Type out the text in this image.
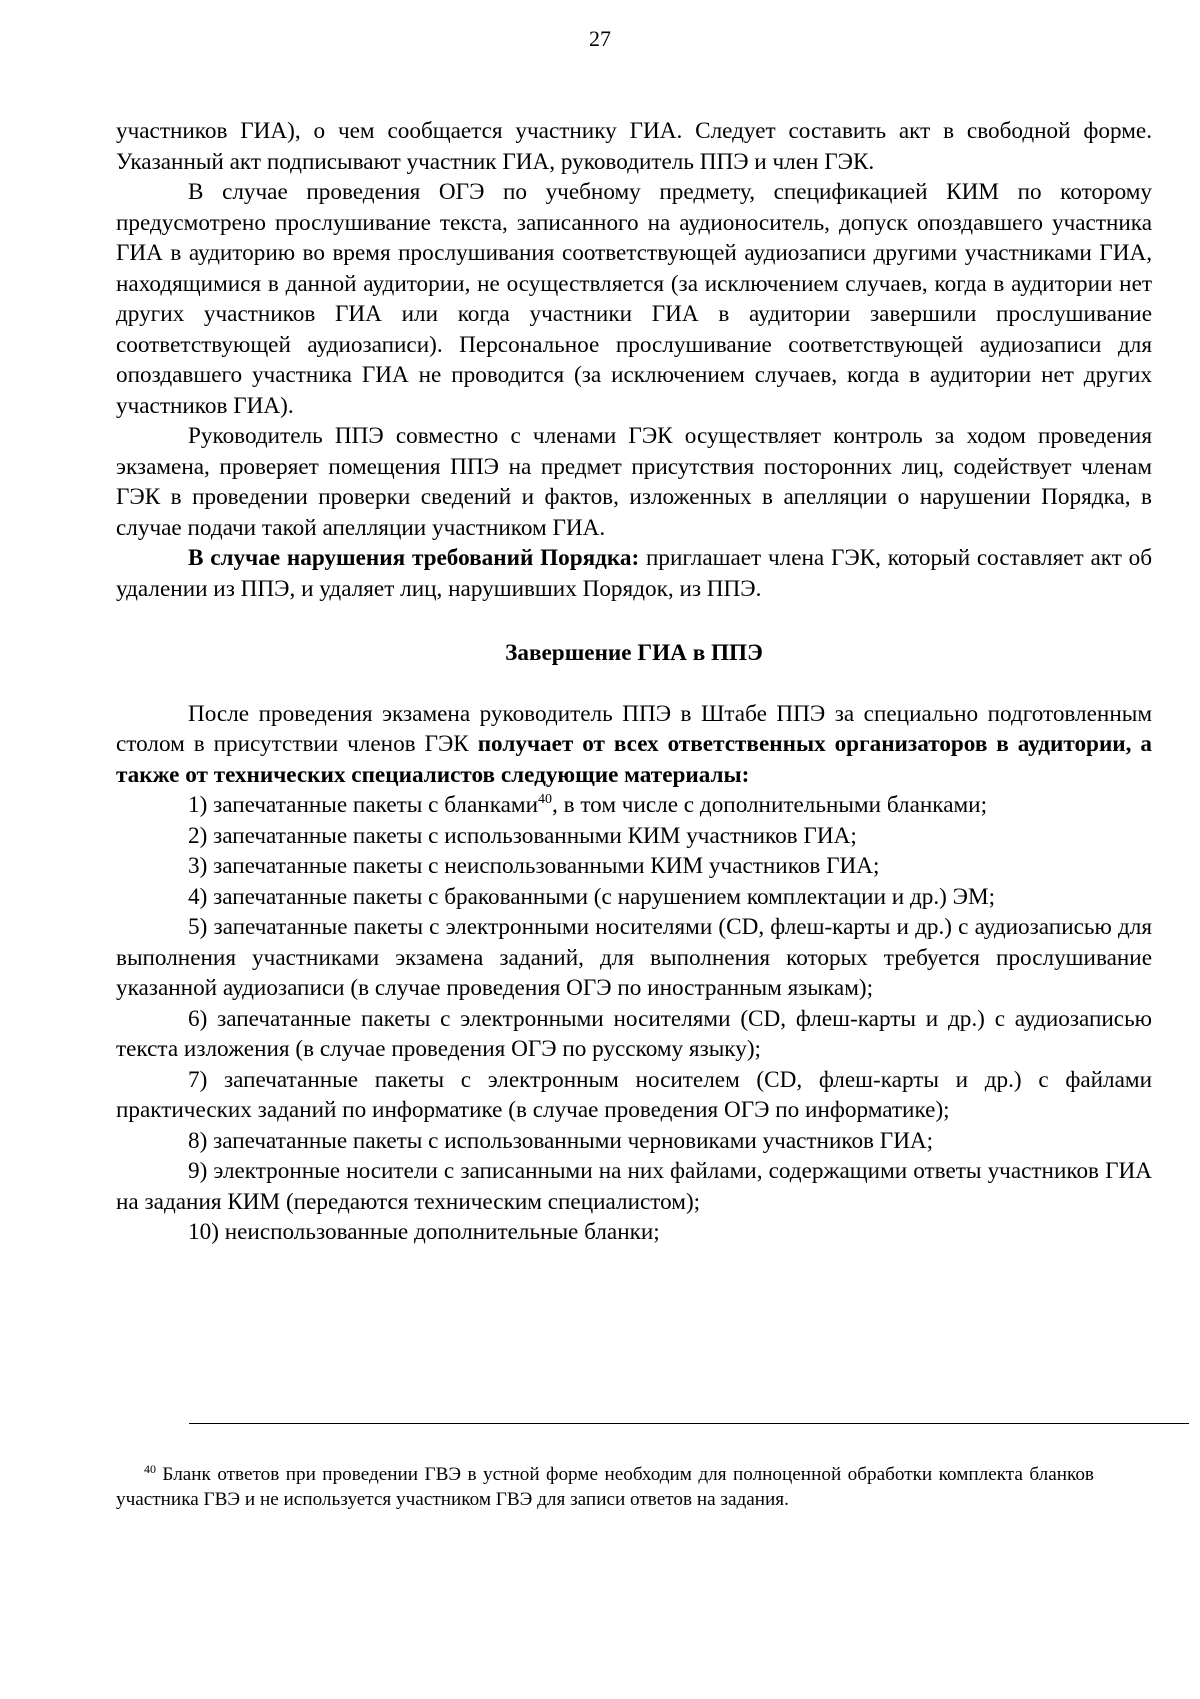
27

участников ГИА), о чем сообщается участнику ГИА. Следует составить акт в свободной форме. Указанный акт подписывают участник ГИА, руководитель ППЭ и член ГЭК.

В случае проведения ОГЭ по учебному предмету, спецификацией КИМ по которому предусмотрено прослушивание текста, записанного на аудионоситель, допуск опоздавшего участника ГИА в аудиторию во время прослушивания соответствующей аудиозаписи другими участниками ГИА, находящимися в данной аудитории, не осуществляется (за исключением случаев, когда в аудитории нет других участников ГИА или когда участники ГИА в аудитории завершили прослушивание соответствующей аудиозаписи). Персональное прослушивание соответствующей аудиозаписи для опоздавшего участника ГИА не проводится (за исключением случаев, когда в аудитории нет других участников ГИА).

Руководитель ППЭ совместно с членами ГЭК осуществляет контроль за ходом проведения экзамена, проверяет помещения ППЭ на предмет присутствия посторонних лиц, содействует членам ГЭК в проведении проверки сведений и фактов, изложенных в апелляции о нарушении Порядка, в случае подачи такой апелляции участником ГИА.

В случае нарушения требований Порядка: приглашает члена ГЭК, который составляет акт об удалении из ППЭ, и удаляет лиц, нарушивших Порядок, из ППЭ.

Завершение ГИА в ППЭ

После проведения экзамена руководитель ППЭ в Штабе ППЭ за специально подготовленным столом в присутствии членов ГЭК получает от всех ответственных организаторов в аудитории, а также от технических специалистов следующие материалы:

1) запечатанные пакеты с бланками$^{40}$, в том числе с дополнительными бланками;

2) запечатанные пакеты с использованными КИМ участников ГИА;

3) запечатанные пакеты с неиспользованными КИМ участников ГИА;

4) запечатанные пакеты с бракованными (с нарушением комплектации и др.) ЭМ;

5) запечатанные пакеты с электронными носителями (CD, флеш-карты и др.) с аудиозаписью для выполнения участниками экзамена заданий, для выполнения которых требуется прослушивание указанной аудиозаписи (в случае проведения ОГЭ по иностранным языкам);

6) запечатанные пакеты с электронными носителями (CD, флеш-карты и др.) с аудиозаписью текста изложения (в случае проведения ОГЭ по русскому языку);

7) запечатанные пакеты с электронным носителем (CD, флеш-карты и др.) с файлами практических заданий по информатике (в случае проведения ОГЭ по информатике);

8) запечатанные пакеты с использованными черновиками участников ГИА;

9) электронные носители с записанными на них файлами, содержащими ответы участников ГИА на задания КИМ (передаются техническим специалистом);

10) неиспользованные дополнительные бланки;

$^{40}$ Бланк ответов при проведении ГВЭ в устной форме необходим для полноценной обработки комплекта бланков участника ГВЭ и не используется участником ГВЭ для записи ответов на задания.
